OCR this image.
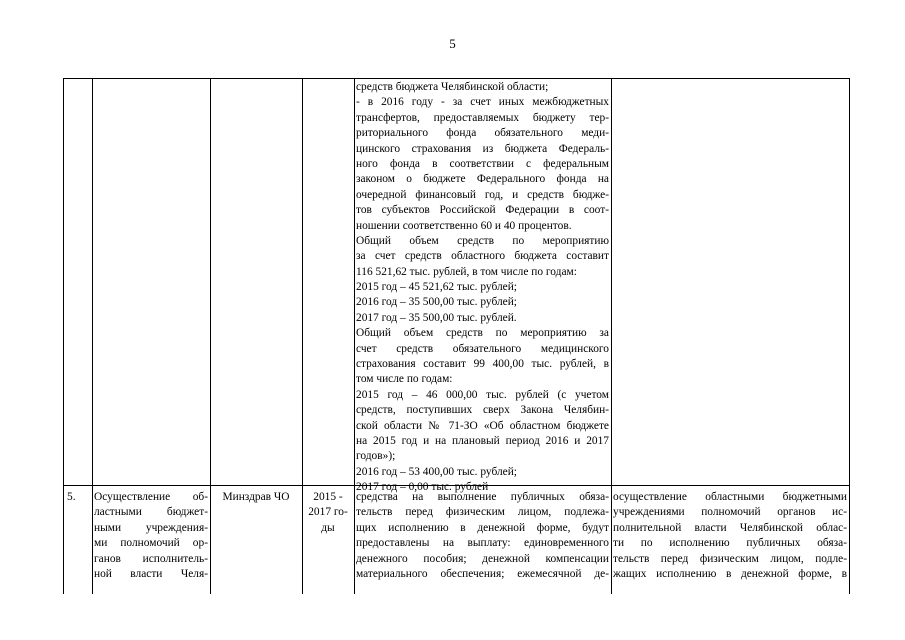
5
средств бюджета Челябинской области;
- в 2016 году - за счет иных межбюджетных
трансфертов, предоставляемых бюджету тер-
риториального фонда обязательного меди-
цинского страхования из бюджета Федераль-
ного фонда в соответствии с федеральным
законом о бюджете Федерального фонда на
очередной финансовый год, и средств бюдже-
тов субъектов Российской Федерации в соот-
ношении соответственно 60 и 40 процентов.
Общий объем средств по мероприятию
за счет средств областного бюджета составит
116 521,62 тыс. рублей, в том числе по годам:
2015 год – 45 521,62 тыс. рублей;
2016 год – 35 500,00 тыс. рублей;
2017 год – 35 500,00 тыс. рублей.
Общий объем средств по мероприятию за
счет средств обязательного медицинского
страхования составит 99 400,00 тыс. рублей, в
том числе по годам:
2015 год – 46 000,00 тыс. рублей (с учетом
средств, поступивших сверх Закона Челябин-
ской области № 71-ЗО «Об областном бюджете
на 2015 год и на плановый период 2016 и 2017
годов»);
2016 год – 53 400,00 тыс. рублей;
2017 год – 0,00 тыс. рублей
5.	Осуществление об-
ластными бюджет-
ными учреждения-
ми полномочий ор-
ганов исполнитель-
ной власти Челя-
Минздрав ЧО	2015 -
2017 го-
ды
средства на выполнение публичных обяза-
тельств перед физическим лицом, подлежа-
щих исполнению в денежной форме, будут
предоставлены на выплату: единовременного
денежного пособия; денежной компенсации
материального обеспечения; ежемесячной де-
осуществление областными бюджетными
учреждениями полномочий органов ис-
полнительной власти Челябинской облас-
ти по исполнению публичных обяза-
тельств перед физическим лицом, подле-
жащих исполнению в денежной форме, в
